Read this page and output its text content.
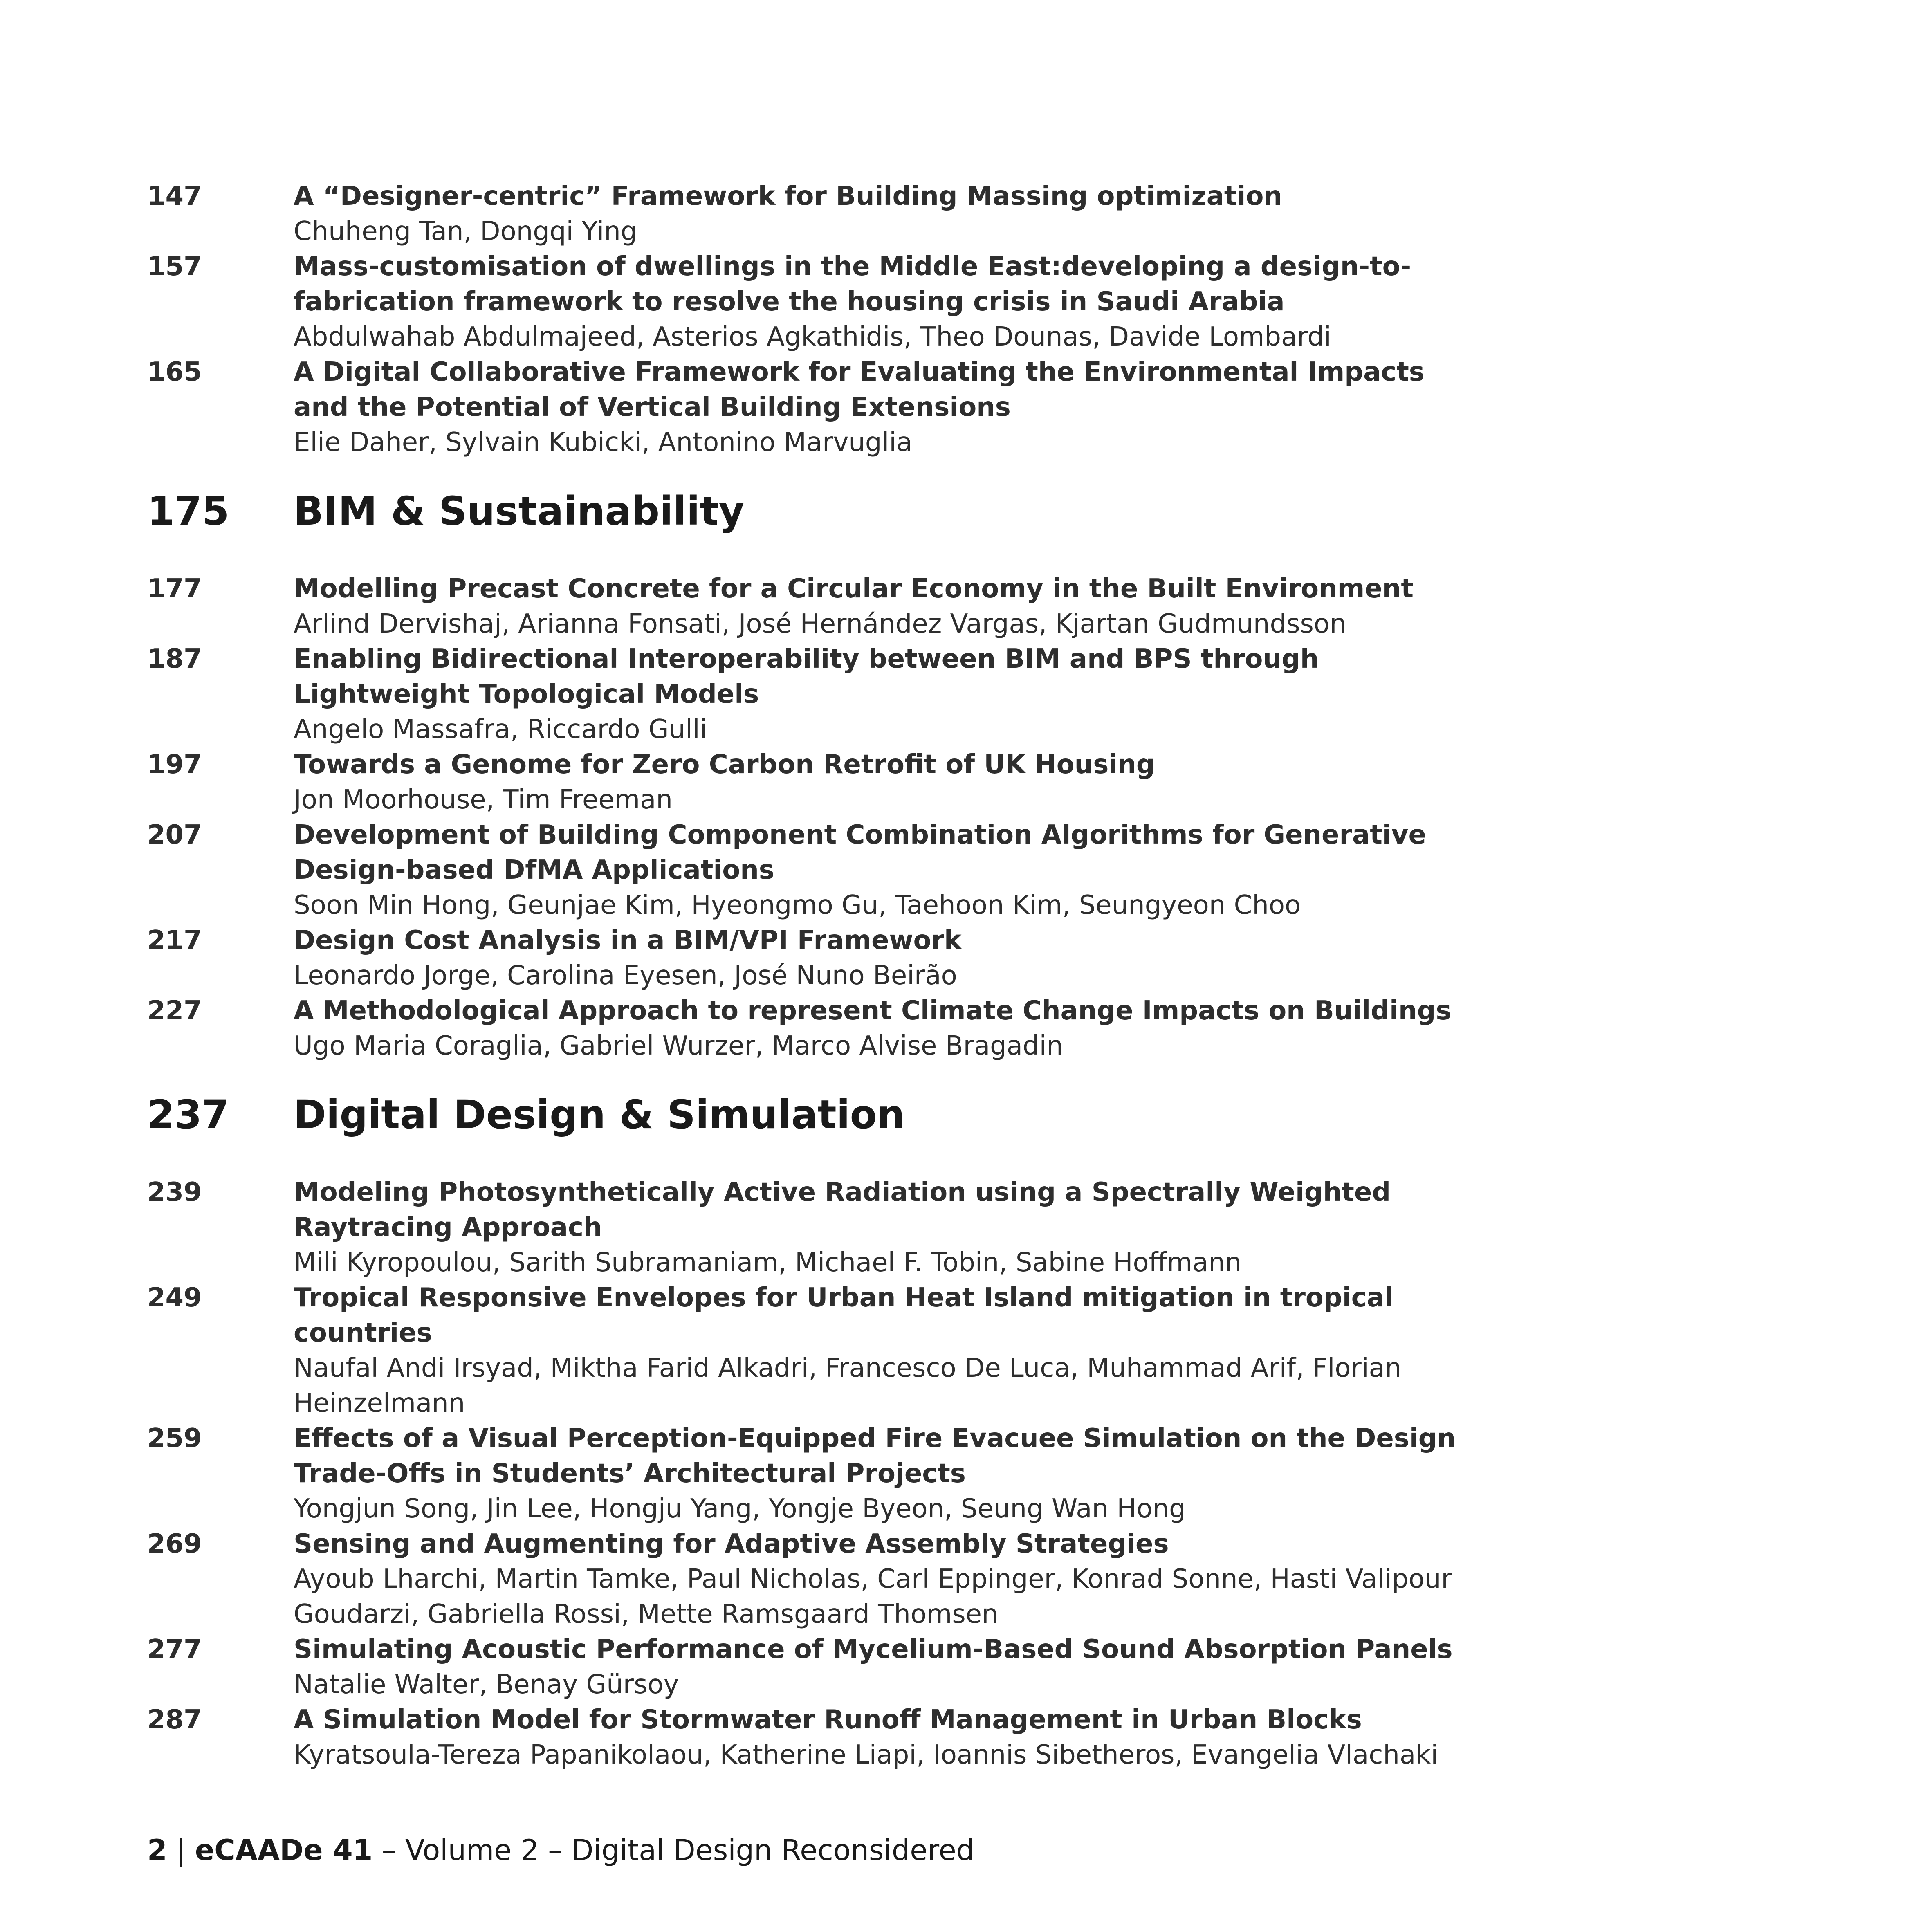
147	A “Designer-centric” Framework for Building Massing optimization
Chuheng Tan, Dongqi Ying
157	Mass-customisation of dwellings in the Middle East:developing a design-to-fabrication framework to resolve the housing crisis in Saudi Arabia
Abdulwahab Abdulmajeed, Asterios Agkathidis, Theo Dounas, Davide Lombardi
165	A Digital Collaborative Framework for Evaluating the Environmental Impacts and the Potential of Vertical Building Extensions
Elie Daher, Sylvain Kubicki, Antonino Marvuglia
175	BIM & Sustainability
177	Modelling Precast Concrete for a Circular Economy in the Built Environment
Arlind Dervishaj, Arianna Fonsati, José Hernández Vargas, Kjartan Gudmundsson
187	Enabling Bidirectional Interoperability between BIM and BPS through Lightweight Topological Models
Angelo Massafra, Riccardo Gulli
197	Towards a Genome for Zero Carbon Retrofit of UK Housing
Jon Moorhouse, Tim Freeman
207	Development of Building Component Combination Algorithms for Generative Design-based DfMA Applications
Soon Min Hong, Geunjae Kim, Hyeongmo Gu, Taehoon Kim, Seungyeon Choo
217	Design Cost Analysis in a BIM/VPI Framework
Leonardo Jorge, Carolina Eyesen, José Nuno Beirão
227	A Methodological Approach to represent Climate Change Impacts on Buildings
Ugo Maria Coraglia, Gabriel Wurzer, Marco Alvise Bragadin
237	Digital Design & Simulation
239	Modeling Photosynthetically Active Radiation using a Spectrally Weighted Raytracing Approach
Mili Kyropoulou, Sarith Subramaniam, Michael F. Tobin, Sabine Hoffmann
249	Tropical Responsive Envelopes for Urban Heat Island mitigation in tropical countries
Naufal Andi Irsyad, Miktha Farid Alkadri, Francesco De Luca, Muhammad Arif, Florian Heinzelmann
259	Effects of a Visual Perception-Equipped Fire Evacuee Simulation on the Design Trade-Offs in Students’ Architectural Projects
Yongjun Song, Jin Lee, Hongju Yang, Yongje Byeon, Seung Wan Hong
269	Sensing and Augmenting for Adaptive Assembly Strategies
Ayoub Lharchi, Martin Tamke, Paul Nicholas, Carl Eppinger, Konrad Sonne, Hasti Valipour Goudarzi, Gabriella Rossi, Mette Ramsgaard Thomsen
277	Simulating Acoustic Performance of Mycelium-Based Sound Absorption Panels
Natalie Walter, Benay Gürsoy
287	A Simulation Model for Stormwater Runoff Management in Urban Blocks
Kyratsoula-Tereza Papanikolaou, Katherine Liapi, Ioannis Sibetheros, Evangelia Vlachaki
2 | eCAADe 41 – Volume 2 – Digital Design Reconsidered
